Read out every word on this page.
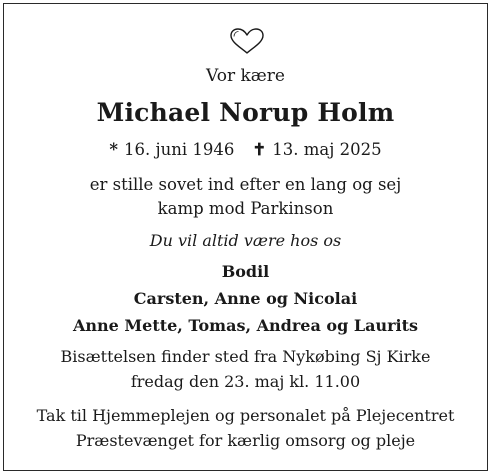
Vor kære
Michael Norup Holm
* 16. juni 1946 ✝ 13. maj 2025
er stille sovet ind efter en lang og sej
kamp mod Parkinson
Du vil altid være hos os
Bodil
Carsten, Anne og Nicolai
Anne Mette, Tomas, Andrea og Laurits
Bisættelsen finder sted fra Nykøbing Sj Kirke
fredag den 23. maj kl. 11.00
Tak til Hjemmeplejen og personalet på Plejecentret
Præstevænget for kærlig omsorg og pleje
